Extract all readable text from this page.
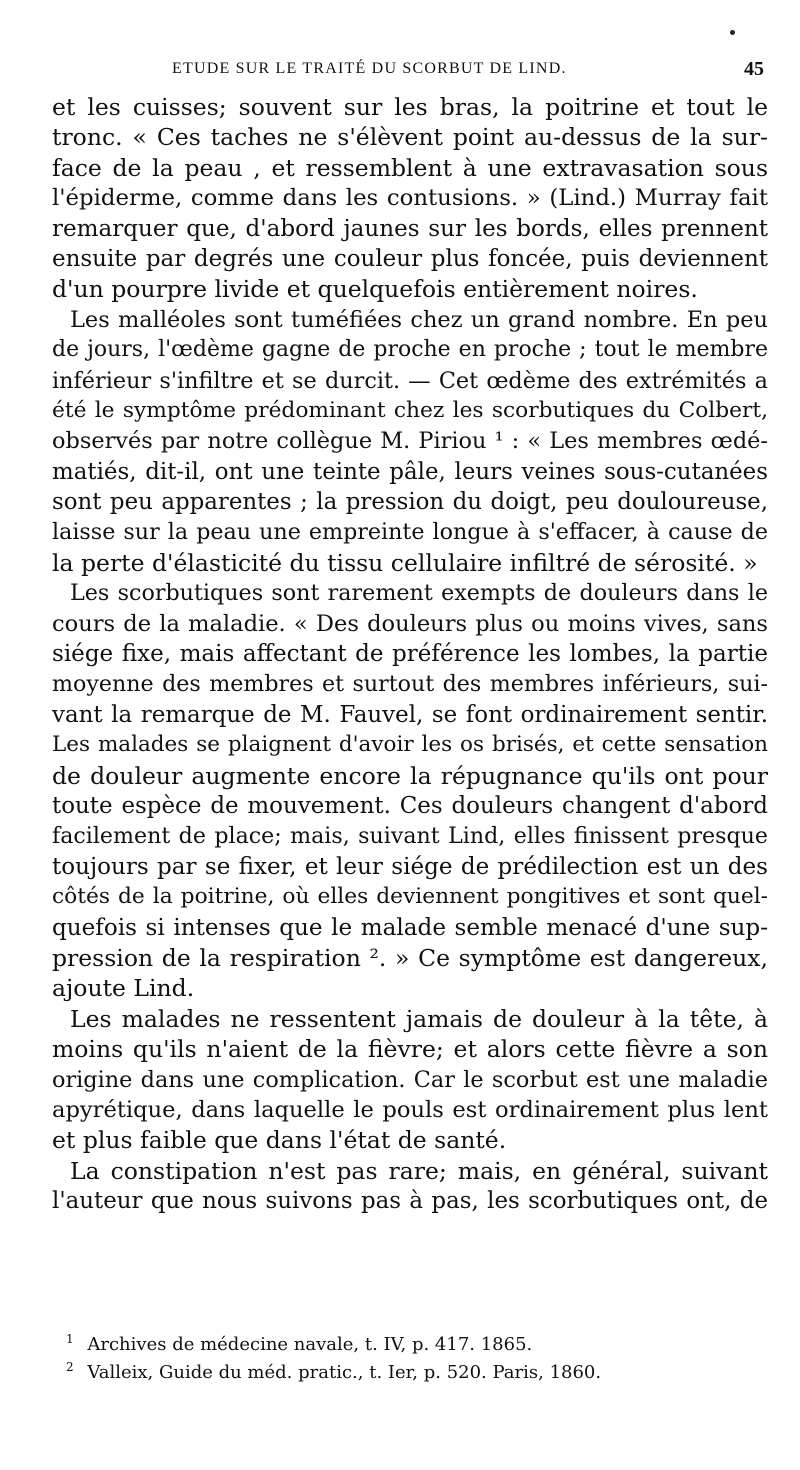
ETUDE SUR LE TRAITÉ DU SCORBUT DE LIND.	45
et les cuisses; souvent sur les bras, la poitrine et tout le
tronc. « Ces taches ne s'élèvent point au-dessus de la sur-
face de la peau , et ressemblent à une extravasation sous
l'épiderme, comme dans les contusions. » (Lind.) Murray fait
remarquer que, d'abord jaunes sur les bords, elles prennent
ensuite par degrés une couleur plus foncée, puis deviennent
d'un pourpre livide et quelquefois entièrement noires.
Les malléoles sont tuméfiées chez un grand nombre. En peu
de jours, l'œdème gagne de proche en proche ; tout le membre
inférieur s'infiltre et se durcit. — Cet œdème des extrémités a
été le symptôme prédominant chez les scorbutiques du Colbert,
observés par notre collègue M. Piriou ¹ : « Les membres œdé-
matiés, dit-il, ont une teinte pâle, leurs veines sous-cutanées
sont peu apparentes ; la pression du doigt, peu douloureuse,
laisse sur la peau une empreinte longue à s'effacer, à cause de
la perte d'élasticité du tissu cellulaire infiltré de sérosité. »
Les scorbutiques sont rarement exempts de douleurs dans le
cours de la maladie. « Des douleurs plus ou moins vives, sans
siége fixe, mais affectant de préférence les lombes, la partie
moyenne des membres et surtout des membres inférieurs, sui-
vant la remarque de M. Fauvel, se font ordinairement sentir.
Les malades se plaignent d'avoir les os brisés, et cette sensation
de douleur augmente encore la répugnance qu'ils ont pour
toute espèce de mouvement. Ces douleurs changent d'abord
facilement de place; mais, suivant Lind, elles finissent presque
toujours par se fixer, et leur siége de prédilection est un des
côtés de la poitrine, où elles deviennent pongitives et sont quel-
quefois si intenses que le malade semble menacé d'une sup-
pression de la respiration ². » Ce symptôme est dangereux,
ajoute Lind.
Les malades ne ressentent jamais de douleur à la tête, à
moins qu'ils n'aient de la fièvre; et alors cette fièvre a son
origine dans une complication. Car le scorbut est une maladie
apyrétique, dans laquelle le pouls est ordinairement plus lent
et plus faible que dans l'état de santé.
La constipation n'est pas rare; mais, en général, suivant
l'auteur que nous suivons pas à pas, les scorbutiques ont, de
$^1$ Archives de médecine navale, t. IV, p. 417. 1865.
$^2$ Valleix, Guide du méd. pratic., t. Ier, p. 520. Paris, 1860.
